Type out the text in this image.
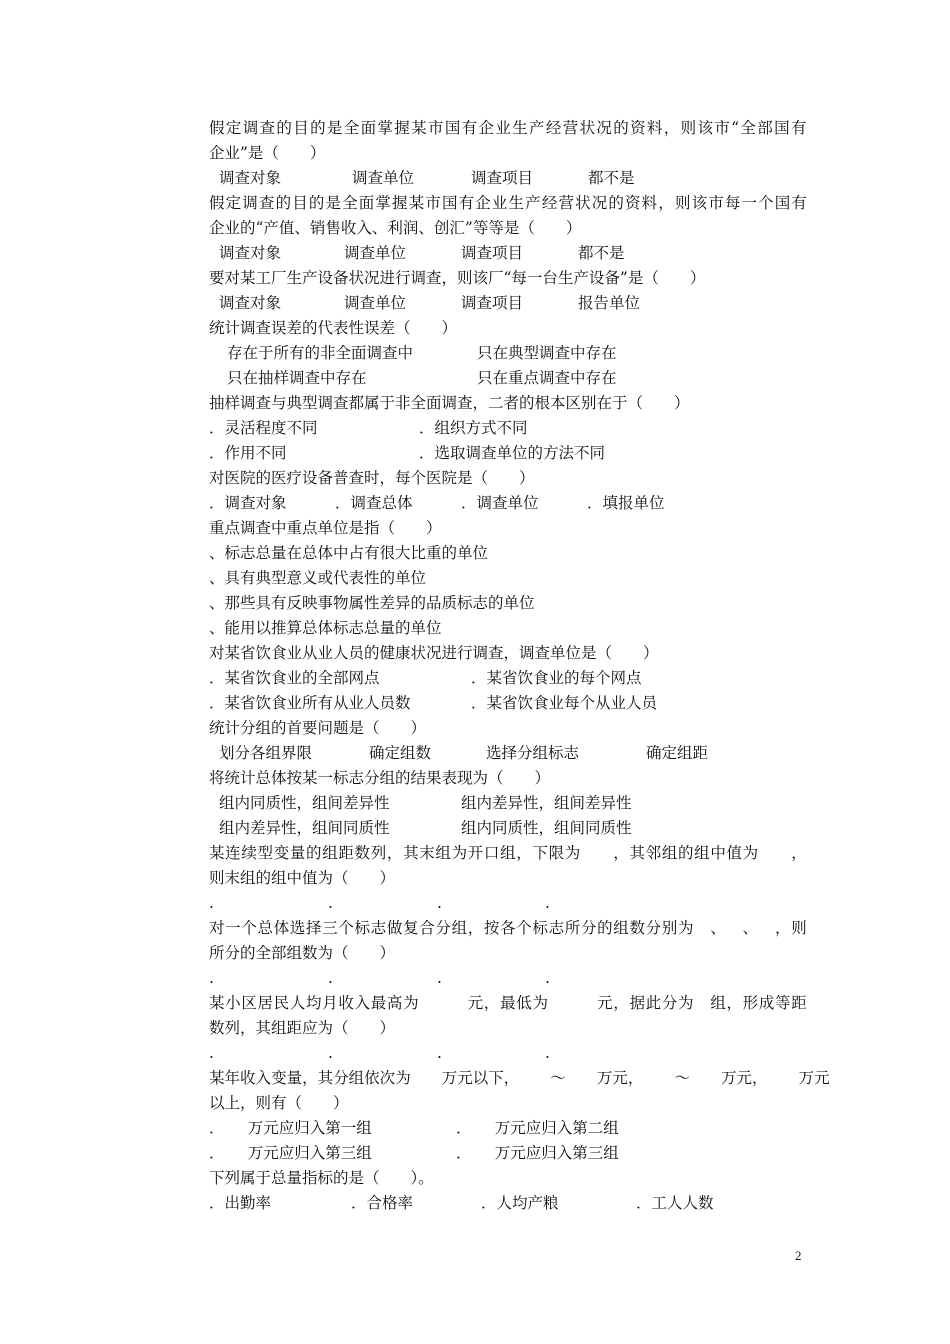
假 定 调 查 的 目 的 是 全 面 掌 握 某 市 国 有 企 业 生 产 经 营 状 况 的 资 料 ， 则 该 市 “ 全 部 国 有
企业”是（　　）
调查对象	调查单位	调查项目	都不是
假 定 调 查 的 目 的 是 全 面 掌 握 某 市 国 有 企 业 生 产 经 营 状 况 的 资 料 ， 则 该 市 每 一 个 国 有
企业的“产值、销售收入、利润、创汇”等等是（　　）
调查对象	调查单位	调查项目	都不是
要对某工厂生产设备状况进行调查，则该厂“每一台生产设备”是（　　）
调查对象	调查单位	调查项目	报告单位
统计调查误差的代表性误差（　　）
存在于所有的非全面调查中	只在典型调查中存在
只在抽样调查中存在	只在重点调查中存在
抽样调查与典型调查都属于非全面调查，二者的根本区别在于（　　）
．灵活程度不同	．组织方式不同
．作用不同	．选取调查单位的方法不同
对医院的医疗设备普查时，每个医院是（　　）
．调查对象	．调查总体	．调查单位	．填报单位
重点调查中重点单位是指（　　）
、标志总量在总体中占有很大比重的单位
、具有典型意义或代表性的单位
、那些具有反映事物属性差异的品质标志的单位
、能用以推算总体标志总量的单位
对某省饮食业从业人员的健康状况进行调查，调查单位是（　　）
．某省饮食业的全部网点	．某省饮食业的每个网点
．某省饮食业所有从业人员数	．某省饮食业每个从业人员
统计分组的首要问题是（　　）
划分各组界限	确定组数	选择分组标志	确定组距
将统计总体按某一标志分组的结果表现为（　　）
组内同质性，组间差异性	组内差异性，组间差异性
组内差异性，组间同质性	组内同质性，组间同质性
某 连 续 型 变 量 的 组 距 数 列 ， 其 末 组 为 开 口 组 ， 下 限 为

　 ， 其 邻 组 的 组 中 值 为

　 ，
则末组的组中值为（　　）
.	.	.	.
对 一 个 总 体 选 择 三 个 标 志 做 复 合 分 组 ， 按 各 个 标 志 所 分 的 组 数 分 别 为
　 、
　 、
　 ， 则
所分的全部组数为（　　）
.	.	.	.
某 小 区 居 民 人 均 月 收 入 最 高 为

　	元 ， 最 低 为

　	元 ， 据 此 分 为
　 组 ， 形 成 等 距
数列，其组距应为（　　）
.	.	.	.
某 年 收 入 变 量 ， 其 分 组 依 次 为

　 万 元 以 下 ，

　 ～

　 万 元 ，

　 ～

　 万 元 ，

　 万 元
以上，则有（　　）
．　　万元应归入第一组	．　　万元应归入第二组
．　　万元应归入第三组	．　　万元应归入第三组
下列属于总量指标的是（　　）。
．出勤率	．合格率	．人均产粮	．工人人数
2
